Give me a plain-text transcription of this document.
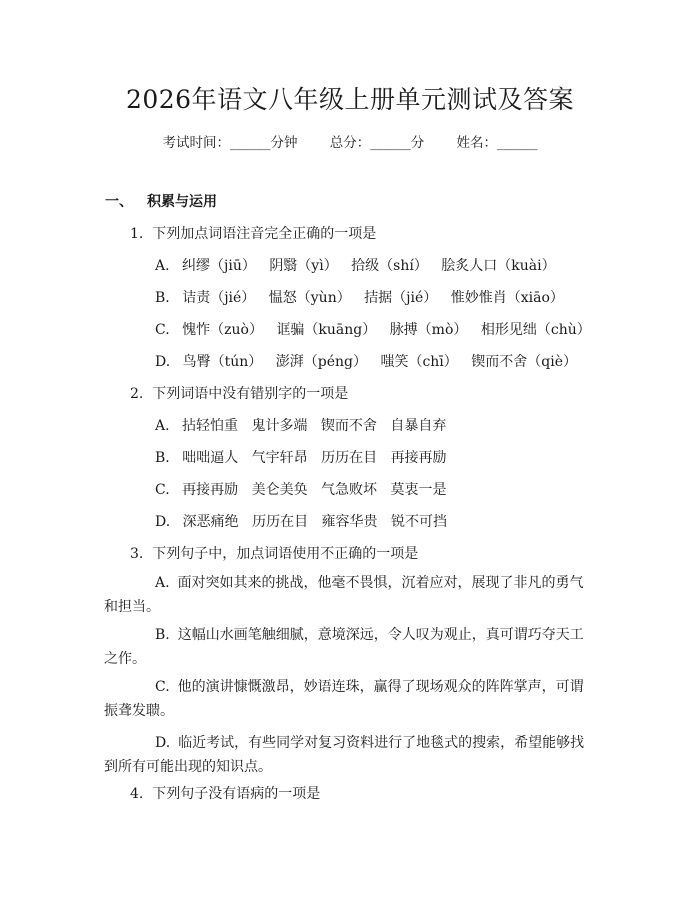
2026年语文八年级上册单元测试及答案
考试时间：______分钟 总分：______分 姓名：______
一、 积累与运用
1. 下列加点词语注音完全正确的一项是
A. 纠缪（jiū） 阴翳（yì） 拾级（shí） 脍炙人口（kuài）
B. 诘责（jié） 愠怒（yùn） 拮据（jié） 惟妙惟肖（xiāo）
C. 愧怍（zuò） 诓骗（kuāng） 脉搏（mò） 相形见绌（chù）
D. 鸟臀（tún） 澎湃（péng） 嗤笑（chī） 锲而不舍（qiè）
2. 下列词语中没有错别字的一项是
A. 拈轻怕重 鬼计多端 锲而不舍 自暴自弃
B. 咄咄逼人 气宇轩昂 历历在目 再接再励
C. 再接再励 美仑美奂 气急败坏 莫衷一是
D. 深恶痛绝 历历在目 雍容华贵 锐不可挡
3. 下列句子中，加点词语使用不正确的一项是
A. 面对突如其来的挑战，他毫不畏惧，沉着应对，展现了非凡的勇气和担当。
B. 这幅山水画笔触细腻，意境深远，令人叹为观止，真可谓巧夺天工之作。
C. 他的演讲慷慨激昂，妙语连珠，赢得了现场观众的阵阵掌声，可谓振聋发聩。
D. 临近考试，有些同学对复习资料进行了地毯式的搜索，希望能够找到所有可能出现的知识点。
4. 下列句子没有语病的一项是
